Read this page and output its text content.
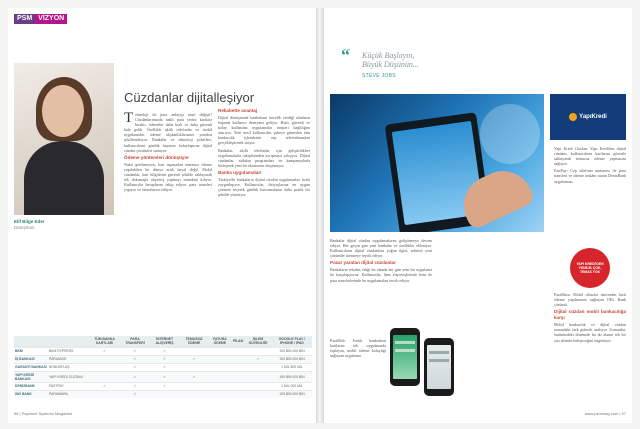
PSM VİZYON
Elif Bilge Eder
Danışman
Cüzdanlar dijitalleşiyor

Teknoloji ile para anlayışı nasıl değişti? Cüzdanlarımızda nakit para yerini kartlara bıraktı, ödemeler daha hızlı ve daha güvenli hale geldi. Özellikle akıllı telefonlar ve mobil uygulamalar, ödeme alışkanlıklarımızı yeniden şekillendiriyor. Bankalar ve teknoloji şirketleri, kullanıcıların günlük hayatını kolaylaştıran dijital cüzdan çözümleri sunuyor.

Ödeme yöntemleri dönüşüyor

Nakit gerekmeyen, kart taşımadan temassız ödeme yapılabilen bir dünya artık hayal değil. Mobil cüzdanlar, kart bilgilerini güvenli şekilde saklayarak tek dokunuşla alışveriş yapmayı mümkün kılıyor. Kullanıcılar hesaplarını takip ediyor, para transferi yapıyor ve faturalarını ödüyor.

Rekabette avantaj

Dijital dönüşümde bankaların öncelik verdiği alanların başında kullanıcı deneyimi geliyor. Hızlı, güvenli ve kolay kullanılan uygulamalar müşteri bağlılığını artırıyor. Yeni nesil kullanıcılar, şubeye gitmeden tüm bankacılık işlemlerini cep telefonlarından gerçekleştirmek istiyor.

Bankalar, akıllı telefonlar için geliştirdikleri uygulamalarla rakiplerinden ayrışmaya çalışıyor. Dijital cüzdanlar, sadakat programları ve kampanyalarla birleşerek yeni bir ekosistem oluşturuyor.

Banka uygulamaları

Türkiye'de bankaların dijital cüzdan uygulamaları hızla yaygınlaşıyor. Kullanıcılar, ihtiyaçlarına en uygun çözümü seçerek günlük harcamalarını daha pratik bir şekilde yönetiyor.

		TÜM BANKA KARTLARI	PARA TRANSFERİ	İNTERNET ALIŞVERİŞ	TEMASSIZ ÖDEME	FATURA ÖDEME	PİLAN	İŞLEM GÜVENLİĞİ	GOOGLE PLAY / İPHONE / IPAD
BKM	BKM EXPRESS	✓	✓	✓					150 BİN 000 BİN
İŞ BANKASI	PARAMOB		✓	✓	✓			✓	150 BİN 000 BİN
GARANTİ BANKASI	BONUSFLAŞ		✓	✓					1 MİL 500 MİL
YAPI KREDİ BANKASI	YAPI KREDİ CÜZDAN		✓	✓	✓				150 BİN 000 BİN
DENİZBANK	FASTPAY	✓	✓	✓					1 MİL 000 MİL
ING BANK	PARAMARA		✓						150 BİN 000 BİN
56 | Payment Systems Magazine
“ Küçük Başlayın,
Büyük Düşünün...
STEVE JOBS
YapıKredi

Bankalar dijital cüzdan uygulamalarını geliştirmeye devam ediyor. Her geçen gün yeni bankalar ve özellikler ekleniyor. Kullanıcıların dijital cüzdanlara yoğun ilgisi, sektörü yeni çözümler üretmeye teşvik ediyor.

Pazar yaratan dijital cüzdanlar

Bankaların rekabet ettiği bu alanda her gün yeni bir uygulama ile karşılaşıyoruz. Kullanıcılar, hem alışverişlerinde hem de para transferlerinde bu uygulamaları tercih ediyor.

ParaMob: Farklı bankaların kartlarını tek uygulamada toplayan, mobil ödeme kolaylığı sağlayan uygulama.

Yapı Kredi Cüzdan: Yapı Kredi'nin dijital cüzdanı, kullanıcıların kartlarını güvenle saklayarak temassız ödeme yapmasını sağlıyor.

FastPay: Cep telefonu numarası ile para transferi ve ödeme imkânı sunan DenizBank uygulaması.

YAPI KREDİ'DEN YENİLİK ÇOK, TEMAS YOK

ParaMara: Mobil cihazlar üzerinden hızlı ödeme yapılmasını sağlayan ING Bank çözümü.

Dijital cüzdan mobil bankacılığa karşı

Mobil bankacılık ve dijital cüzdan arasındaki fark giderek azalıyor. Uzmanlar, önümüzdeki dönemde bu iki alanın tek bir çatı altında birleşeceğini öngörüyor.

www.psmmag.com | 57
